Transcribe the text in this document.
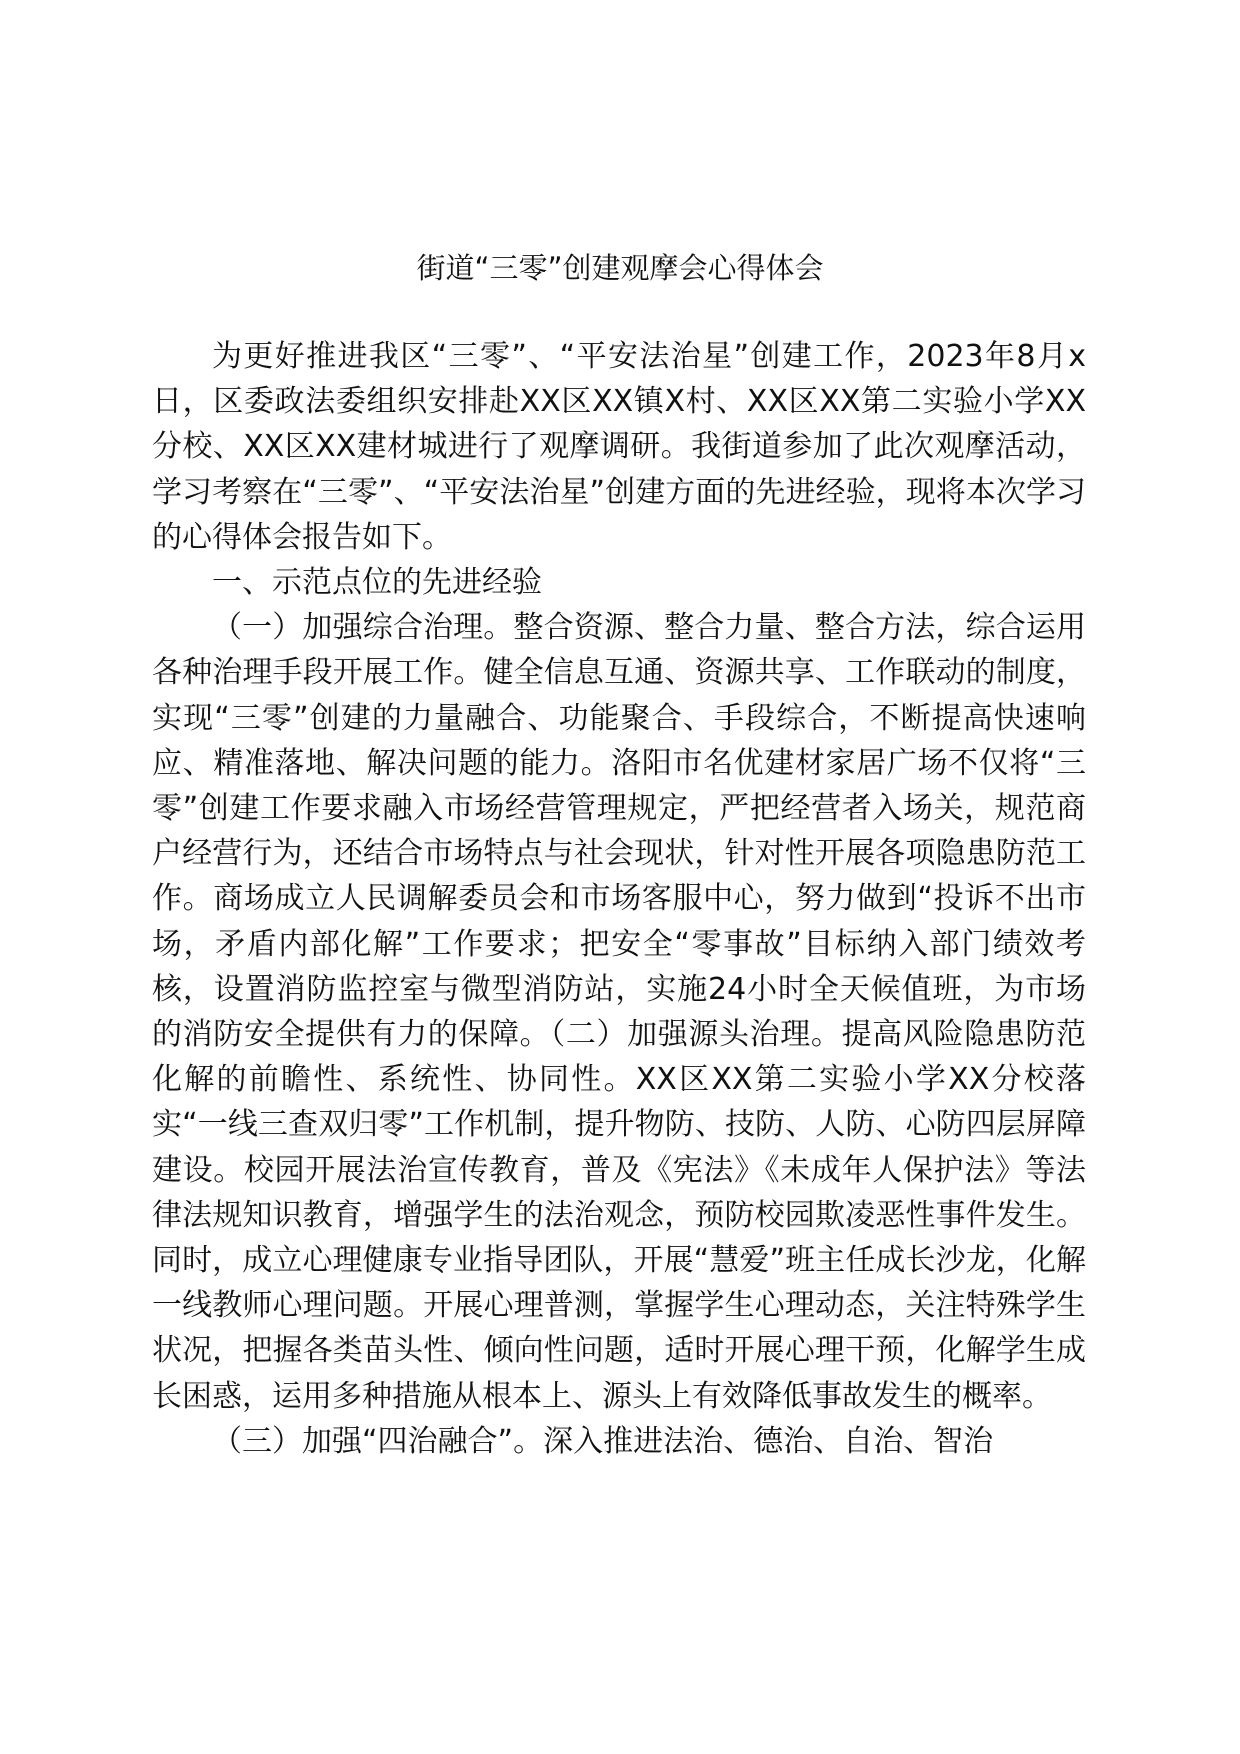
街道“三零”创建观摩会心得体会

为更好推进我区“三零”、“平安法治星”创建工作，2023年8月x日，区委政法委组织安排赴XX区XX镇X村、XX区XX第二实验小学XX分校、XX区XX建材城进行了观摩调研。我街道参加了此次观摩活动，学习考察在“三零”、“平安法治星”创建方面的先进经验，现将本次学习的心得体会报告如下。

一、示范点位的先进经验

（一）加强综合治理。整合资源、整合力量、整合方法，综合运用各种治理手段开展工作。健全信息互通、资源共享、工作联动的制度，实现“三零”创建的力量融合、功能聚合、手段综合，不断提高快速响应、精准落地、解决问题的能力。洛阳市名优建材家居广场不仅将“三零”创建工作要求融入市场经营管理规定，严把经营者入场关，规范商户经营行为，还结合市场特点与社会现状，针对性开展各项隐患防范工作。商场成立人民调解委员会和市场客服中心，努力做到“投诉不出市场，矛盾内部化解”工作要求；把安全“零事故”目标纳入部门绩效考核，设置消防监控室与微型消防站，实施24小时全天候值班，为市场的消防安全提供有力的保障。（二）加强源头治理。提高风险隐患防范化解的前瞻性、系统性、协同性。XX区XX第二实验小学XX分校落实“一线三查双归零”工作机制，提升物防、技防、人防、心防四层屏障建设。校园开展法治宣传教育，普及《宪法》《未成年人保护法》等法律法规知识教育，增强学生的法治观念，预防校园欺凌恶性事件发生。同时，成立心理健康专业指导团队，开展“慧爱”班主任成长沙龙，化解一线教师心理问题。开展心理普测，掌握学生心理动态，关注特殊学生状况，把握各类苗头性、倾向性问题，适时开展心理干预，化解学生成长困惑，运用多种措施从根本上、源头上有效降低事故发生的概率。

（三）加强“四治融合”。深入推进法治、德治、自治、智治
